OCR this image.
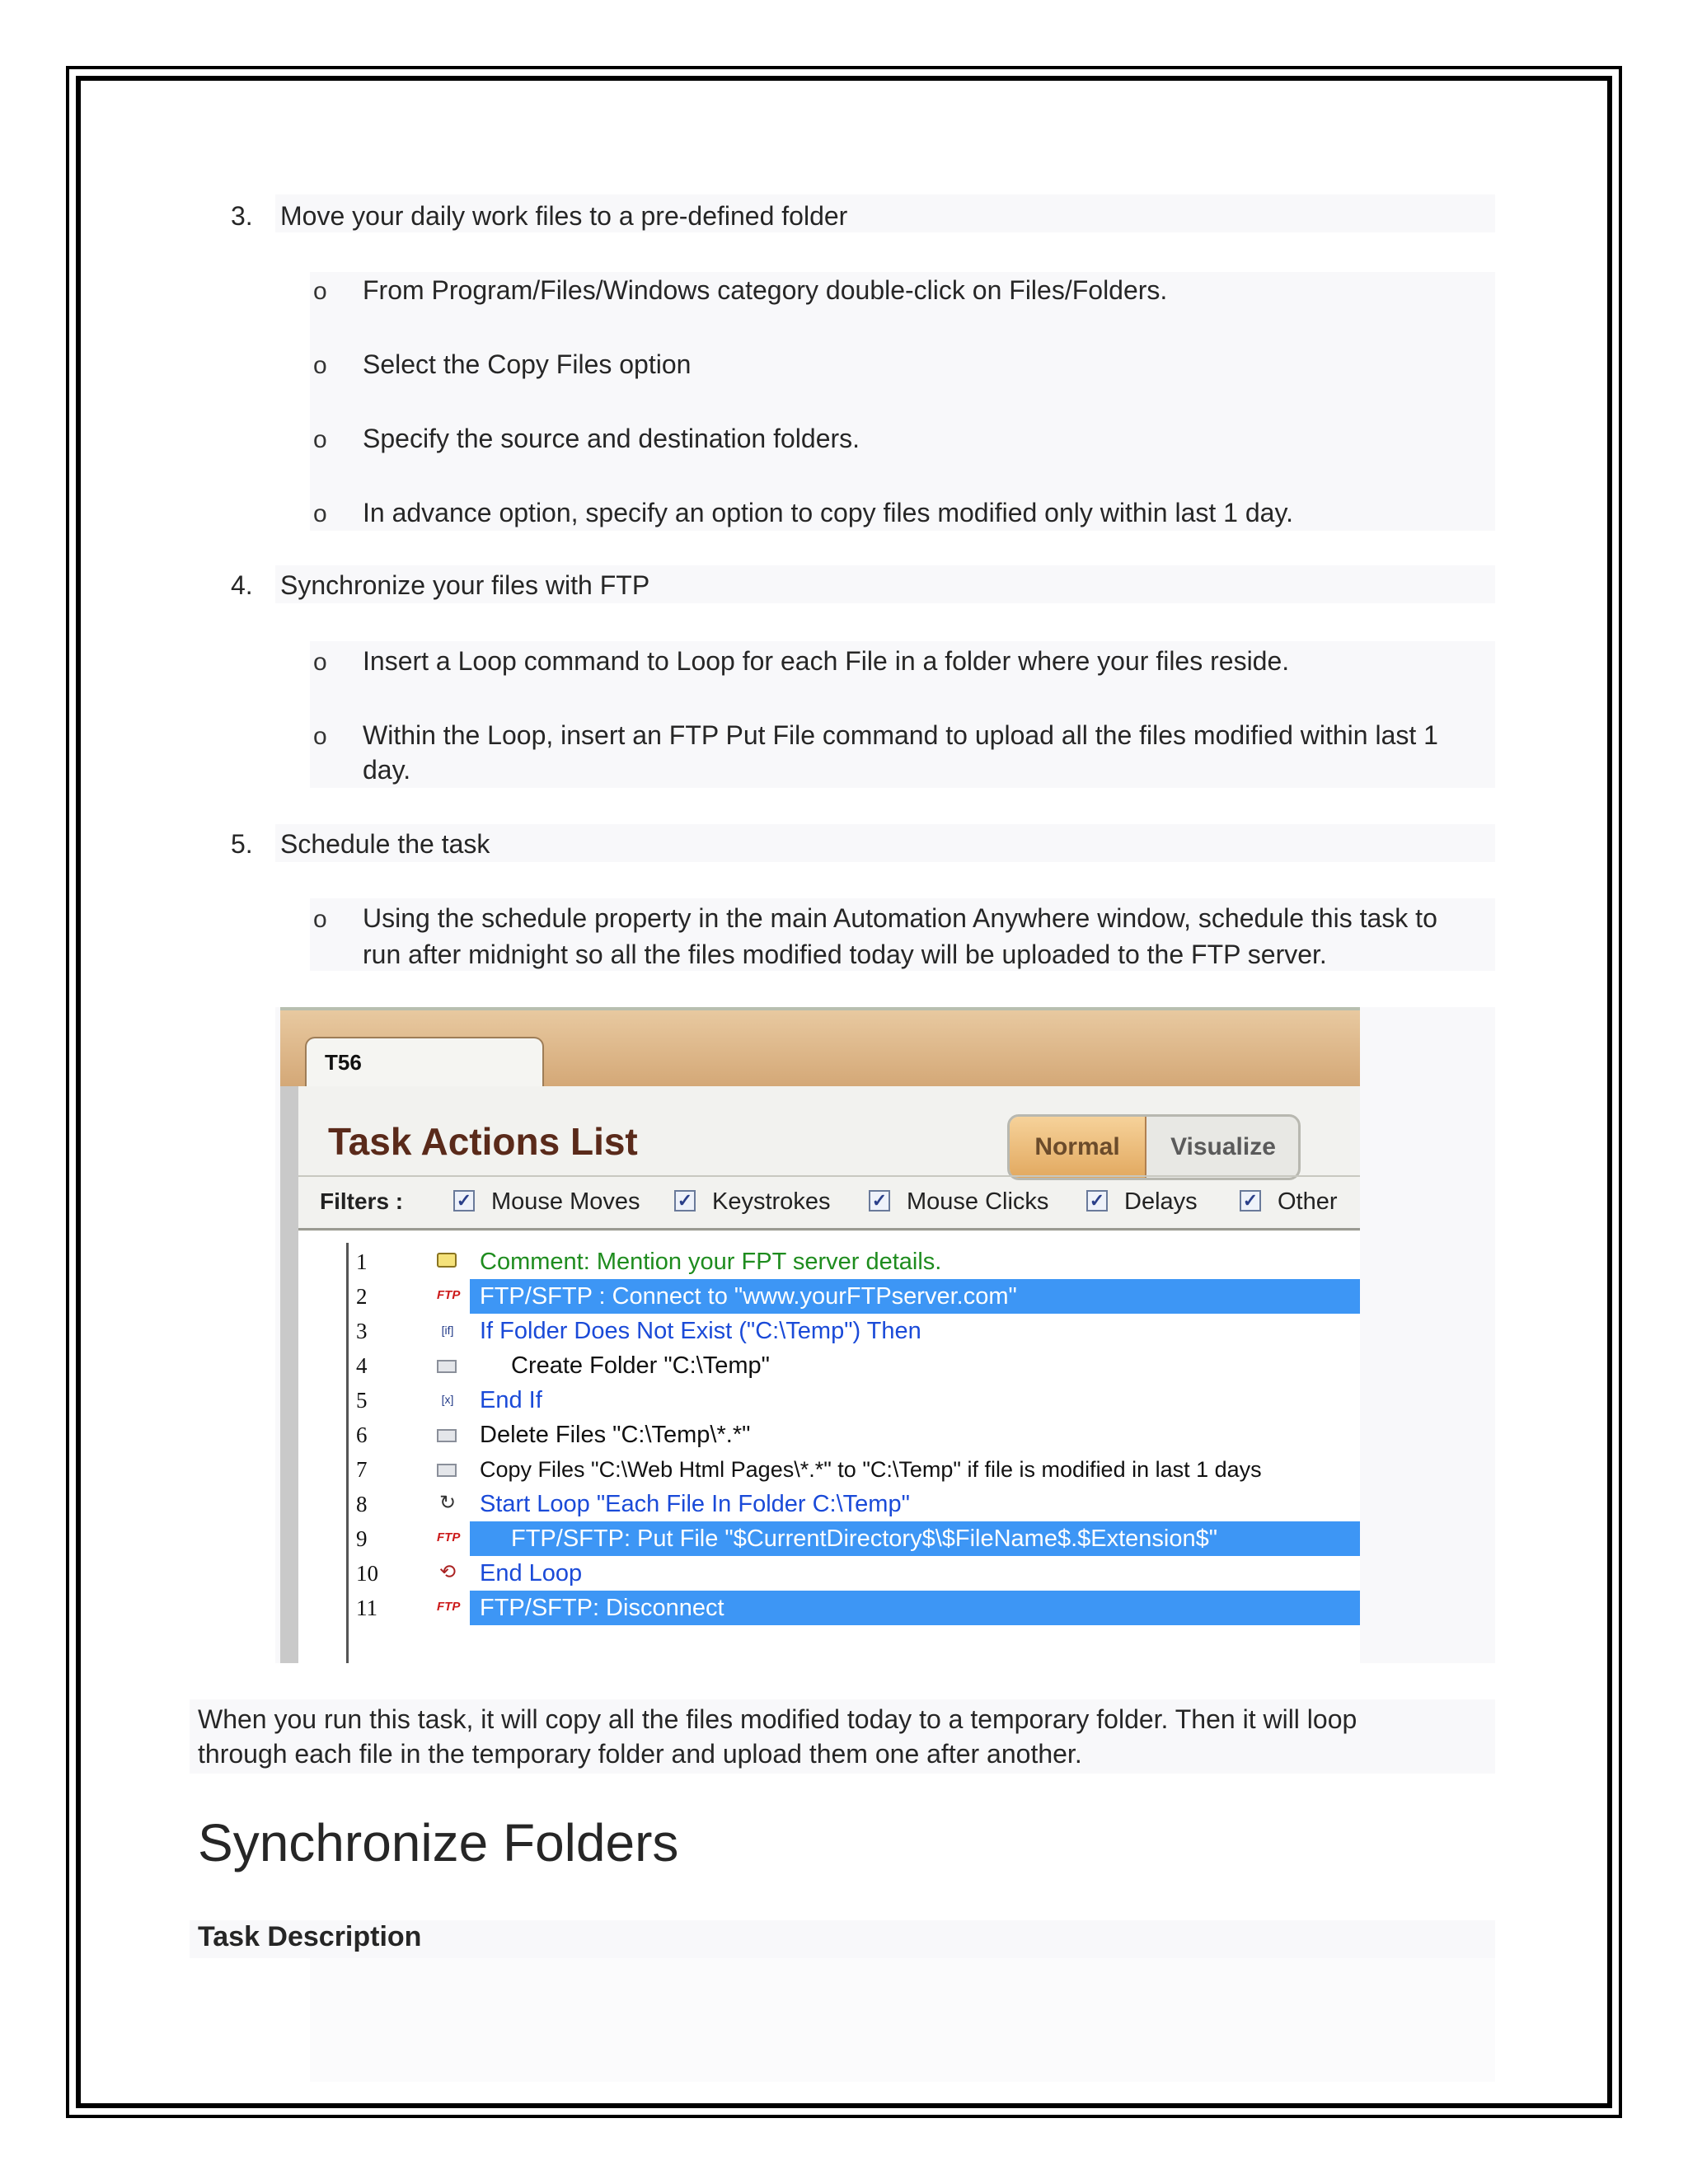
3. Move your daily work files to a pre-defined folder
o From Program/Files/Windows category double-click on Files/Folders.
o Select the Copy Files option
o Specify the source and destination folders.
o In advance option, specify an option to copy files modified only within last 1 day.
4. Synchronize your files with FTP
o Insert a Loop command to Loop for each File in a folder where your files reside.
o Within the Loop, insert an FTP Put File command to upload all the files modified within last 1
day.
5. Schedule the task
o Using the schedule property in the main Automation Anywhere window, schedule this task to
run after midnight so all the files modified today will be uploaded to the FTP server.
T56
Task Actions List	Normal	Visualize
Filters :	✓ Mouse Moves ✓ Keystrokes ✓ Mouse Clicks ✓ Delays	✓ Other
1	Comment: Mention your FPT server details.
2	FTP FTP/SFTP : Connect to "www.yourFTPserver.com"
3	[if] If Folder Does Not Exist ("C:\Temp") Then
4	Create Folder "C:\Temp"
5	[x] End If
6	Delete Files "C:\Temp\*.*"
7	Copy Files "C:\Web Html Pages\*.*" to "C:\Temp" if file is modified in last 1 days
8	↻ Start Loop "Each File In Folder C:\Temp"
9	FTP FTP/SFTP: Put File "$CurrentDirectory$\$FileName$.$Extension$"
10	⟲ End Loop
11	FTP FTP/SFTP: Disconnect
When you run this task, it will copy all the files modified today to a temporary folder. Then it will loop
through each file in the temporary folder and upload them one after another.
Synchronize Folders
Task Description
